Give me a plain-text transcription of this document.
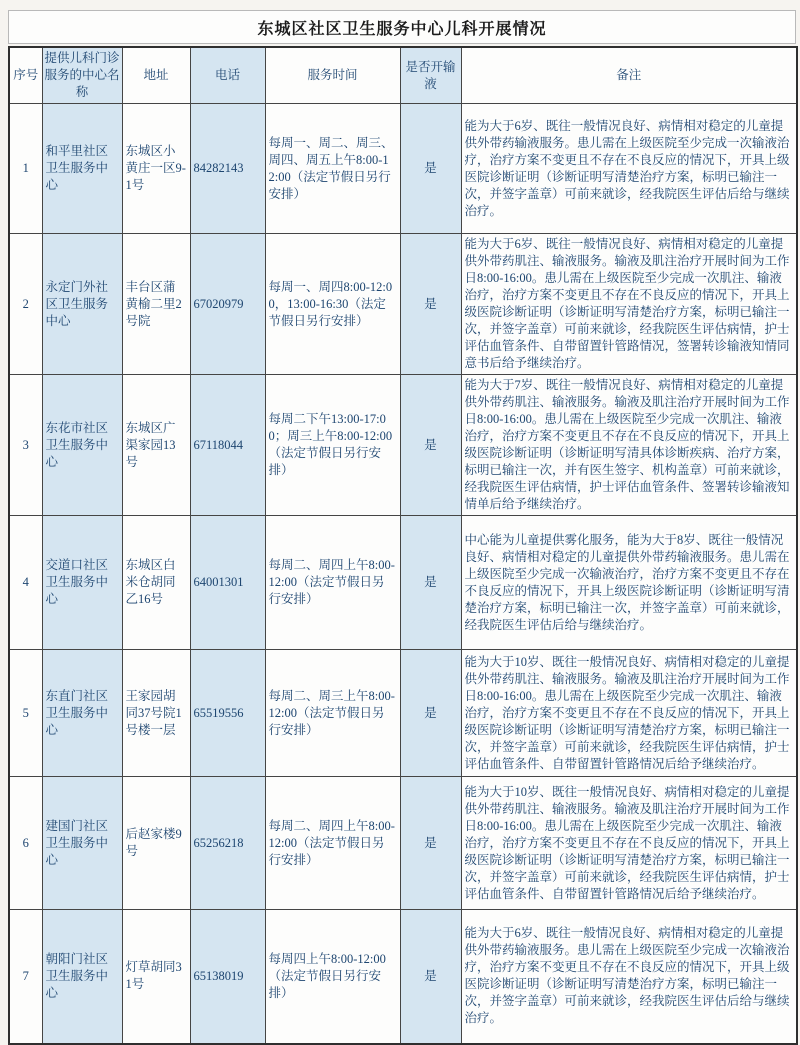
东城区社区卫生服务中心儿科开展情况
序号	提供儿科门诊服务的中心名称	地址	电话	服务时间	是否开输液	备注
1	和平里社区卫生服务中心	东城区小黄庄一区9-1号	84282143	每周一、周二、周三、周四、周五上午8:00-12:00（法定节假日另行安排）	是	能为大于6岁、既往一般情况良好、病情相对稳定的儿童提供外带药输液服务。患儿需在上级医院至少完成一次输液治疗，治疗方案不变更且不存在不良反应的情况下，开具上级医院诊断证明（诊断证明写清楚治疗方案，标明已输注一次，并签字盖章）可前来就诊，经我院医生评估后给与继续治疗。
2	永定门外社区卫生服务中心	丰台区蒲黄榆二里2号院	67020979	每周一、周四8:00-12:00，13:00-16:30（法定节假日另行安排）	是	能为大于6岁、既往一般情况良好、病情相对稳定的儿童提供外带药肌注、输液服务。输液及肌注治疗开展时间为工作日8:00-16:00。患儿需在上级医院至少完成一次肌注、输液治疗，治疗方案不变更且不存在不良反应的情况下，开具上级医院诊断证明（诊断证明写清楚治疗方案，标明已输注一次，并签字盖章）可前来就诊，经我院医生评估病情，护士评估血管条件、自带留置针管路情况，签署转诊输液知情同意书后给予继续治疗。
3	东花市社区卫生服务中心	东城区广渠家园13号	67118044	每周二下午13:00-17:00；周三上午8:00-12:00（法定节假日另行安排）	是	能为大于7岁、既往一般情况良好、病情相对稳定的儿童提供外带药肌注、输液服务。输液及肌注治疗开展时间为工作日8:00-16:00。患儿需在上级医院至少完成一次肌注、输液治疗，治疗方案不变更且不存在不良反应的情况下，开具上级医院诊断证明（诊断证明写清具体诊断疾病、治疗方案，标明已输注一次，并有医生签字、机构盖章）可前来就诊，经我院医生评估病情，护士评估血管条件、签署转诊输液知情单后给予继续治疗。
4	交道口社区卫生服务中心	东城区白米仓胡同乙16号	64001301	每周二、周四上午8:00-12:00（法定节假日另行安排）	是	中心能为儿童提供雾化服务，能为大于8岁、既往一般情况良好、病情相对稳定的儿童提供外带药输液服务。患儿需在上级医院至少完成一次输液治疗，治疗方案不变更且不存在不良反应的情况下，开具上级医院诊断证明（诊断证明写清楚治疗方案，标明已输注一次，并签字盖章）可前来就诊，经我院医生评估后给与继续治疗。
5	东直门社区卫生服务中心	王家园胡同37号院1号楼一层	65519556	每周二、周三上午8:00-12:00（法定节假日另行安排）	是	能为大于10岁、既往一般情况良好、病情相对稳定的儿童提供外带药肌注、输液服务。输液及肌注治疗开展时间为工作日8:00-16:00。患儿需在上级医院至少完成一次肌注、输液治疗，治疗方案不变更且不存在不良反应的情况下，开具上级医院诊断证明（诊断证明写清楚治疗方案，标明已输注一次，并签字盖章）可前来就诊，经我院医生评估病情，护士评估血管条件、自带留置针管路情况后给予继续治疗。
6	建国门社区卫生服务中心	后赵家楼9号	65256218	每周二、周四上午8:00-12:00（法定节假日另行安排）	是	能为大于10岁、既往一般情况良好、病情相对稳定的儿童提供外带药肌注、输液服务。输液及肌注治疗开展时间为工作日8:00-16:00。患儿需在上级医院至少完成一次肌注、输液治疗，治疗方案不变更且不存在不良反应的情况下，开具上级医院诊断证明（诊断证明写清楚治疗方案，标明已输注一次，并签字盖章）可前来就诊，经我院医生评估病情，护士评估血管条件、自带留置针管路情况后给予继续治疗。
7	朝阳门社区卫生服务中心	灯草胡同31号	65138019	每周四上午8:00-12:00（法定节假日另行安排）	是	能为大于6岁、既往一般情况良好、病情相对稳定的儿童提供外带药输液服务。患儿需在上级医院至少完成一次输液治疗，治疗方案不变更且不存在不良反应的情况下，开具上级医院诊断证明（诊断证明写清楚治疗方案，标明已输注一次，并签字盖章）可前来就诊，经我院医生评估后给与继续治疗。
